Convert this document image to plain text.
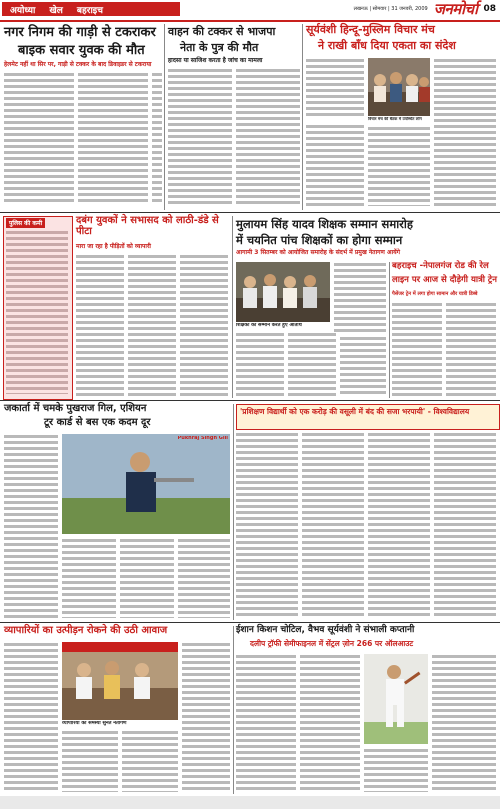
अयोध्या खेल बहराइच	लखनऊ | सोमवार | 31 जनवरी, 2009 जनमोर्चा 08
नगर निगम की गाड़ी से टकराकर
बाइक सवार युवक की मौत
हेलमेट नहीं था सिर पर, गाड़ी से टक्कर के बाद डिवाइडर से टकराया
वाहन की टक्कर से भाजपा
नेता के पुत्र की मौत
हादसा या साजिश करता है जांच का मामला
सूर्यवंशी हिन्दू-मुस्लिम विचार मंच
ने राखी बाँध दिया एकता का संदेश
विचार मंच की बैठक में उपस्थित लोग
पुलिस की कमी	दबंग युवकों ने सभासद को लाठी-डंडे से पीटा
मारा जा रहा है पीड़ितों को व्यापारी
मुलायम सिंह यादव शिक्षक सम्मान समारोह
में चयनित पांच शिक्षकों का होगा सम्मान
आगामी 3 सितम्बर को आयोजित समारोह के संदर्भ में प्रमुख नेतागण आयेंगे
शिक्षकों का सम्मान करते हुए अतिथि
बहराइच -नेपालगंज रोड की रेल
लाइन पर आज से दौड़ेगी यात्री ट्रेन
पैसेंजर ट्रेन में लगा होगा सामान और यात्री डिब्बे
जकार्ता में चमके पुखराज गिल, एशियन
टूर कार्ड से बस एक कदम दूर
Pukhraj Singh Gill
'प्रशिक्षण विद्यार्थी को एक करोड़ की वसूली में बंद की सजा भरपायी' - विश्वविद्यालय
व्यापारियों का उत्पीड़न रोकने की उठी आवाज
व्यापारियों की समस्या सुनते नेतागण
ईशान किशन चोटिल, वैभव सूर्यवंशी ने संभाली कप्तानी
दलीप ट्रॉफी सेमीफाइनल में सेंट्रल ज़ोन 266 पर ऑलआउट
